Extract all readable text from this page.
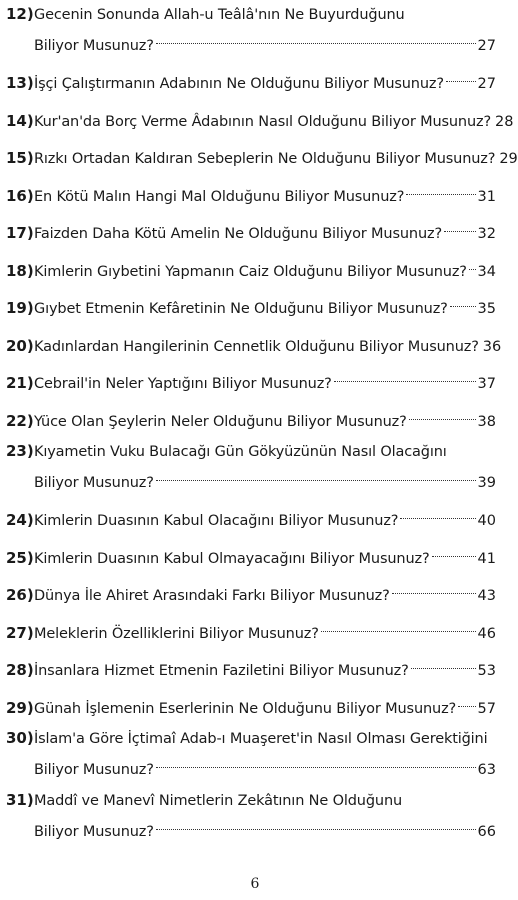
12) Gecenin Sonunda Allah-u Teâlâ'nın Ne Buyurduğunu
Biliyor Musunuz?	27
13) İşçi Çalıştırmanın Adabının Ne Olduğunu Biliyor Musunuz? 27
14) Kur'an'da Borç Verme Âdabının Nasıl Olduğunu Biliyor Musunuz? 28
15) Rızkı Ortadan Kaldıran Sebeplerin Ne Olduğunu Biliyor Musunuz? 29
16) En Kötü Malın Hangi Mal Olduğunu Biliyor Musunuz?	31
17) Faizden Daha Kötü Amelin Ne Olduğunu Biliyor Musunuz? 32
18) Kimlerin Gıybetini Yapmanın Caiz Olduğunu Biliyor Musunuz? 34
19) Gıybet Etmenin Kefâretinin Ne Olduğunu Biliyor Musunuz? 35
20) Kadınlardan Hangilerinin Cennetlik Olduğunu Biliyor Musunuz? 36
21) Cebrail'in Neler Yaptığını Biliyor Musunuz?	37
22) Yüce Olan Şeylerin Neler Olduğunu Biliyor Musunuz?	38
23) Kıyametin Vuku Bulacağı Gün Gökyüzünün Nasıl Olacağını
Biliyor Musunuz?	39
24) Kimlerin Duasının Kabul Olacağını Biliyor Musunuz?	40
25) Kimlerin Duasının Kabul Olmayacağını Biliyor Musunuz?	41
26) Dünya İle Ahiret Arasındaki Farkı Biliyor Musunuz?	43
27) Meleklerin Özelliklerini Biliyor Musunuz?	46
28) İnsanlara Hizmet Etmenin Faziletini Biliyor Musunuz?	53
29) Günah İşlemenin Eserlerinin Ne Olduğunu Biliyor Musunuz? 57
30) İslam'a Göre İçtimaî Adab-ı Muaşeret'in Nasıl Olması Gerektiğini
Biliyor Musunuz?	63
31) Maddî ve Manevî Nimetlerin Zekâtının Ne Olduğunu
Biliyor Musunuz?	66
6
